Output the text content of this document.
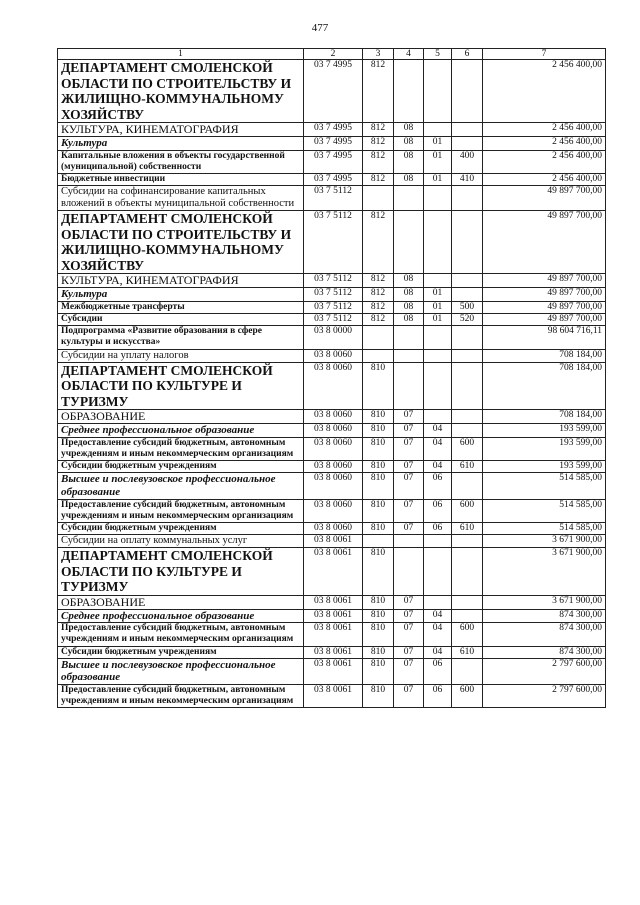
477
1	2	3	4	5	6	7
ДЕПАРТАМЕНТ СМОЛЕНСКОЙ ОБЛАСТИ ПО СТРОИТЕЛЬСТВУ И ЖИЛИЩНО-КОММУНАЛЬНОМУ ХОЗЯЙСТВУ	03 7 4995	812				2 456 400,00
КУЛЬТУРА, КИНЕМАТОГРАФИЯ	03 7 4995	812	08			2 456 400,00
Культура	03 7 4995	812	08	01		2 456 400,00
Капитальные вложения в объекты государственной (муниципальной) собственности	03 7 4995	812	08	01	400	2 456 400,00
Бюджетные инвестиции	03 7 4995	812	08	01	410	2 456 400,00
Субсидии на софинансирование капитальных вложений в объекты муниципальной собственности	03 7 5112					49 897 700,00
ДЕПАРТАМЕНТ СМОЛЕНСКОЙ ОБЛАСТИ ПО СТРОИТЕЛЬСТВУ И ЖИЛИЩНО-КОММУНАЛЬНОМУ ХОЗЯЙСТВУ	03 7 5112	812				49 897 700,00
КУЛЬТУРА, КИНЕМАТОГРАФИЯ	03 7 5112	812	08			49 897 700,00
Культура	03 7 5112	812	08	01		49 897 700,00
Межбюджетные трансферты	03 7 5112	812	08	01	500	49 897 700,00
Субсидии	03 7 5112	812	08	01	520	49 897 700,00
Подпрограмма «Развитие образования в сфере культуры и искусства»	03 8 0000					98 604 716,11
Субсидии на уплату налогов	03 8 0060					708 184,00
ДЕПАРТАМЕНТ СМОЛЕНСКОЙ ОБЛАСТИ ПО КУЛЬТУРЕ И ТУРИЗМУ	03 8 0060	810				708 184,00
ОБРАЗОВАНИЕ	03 8 0060	810	07			708 184,00
Среднее профессиональное образование	03 8 0060	810	07	04		193 599,00
Предоставление субсидий бюджетным, автономным учреждениям и иным некоммерческим организациям	03 8 0060	810	07	04	600	193 599,00
Субсидии бюджетным учреждениям	03 8 0060	810	07	04	610	193 599,00
Высшее и послевузовское профессиональное образование	03 8 0060	810	07	06		514 585,00
Предоставление субсидий бюджетным, автономным учреждениям и иным некоммерческим организациям	03 8 0060	810	07	06	600	514 585,00
Субсидии бюджетным учреждениям	03 8 0060	810	07	06	610	514 585,00
Субсидии на оплату коммунальных услуг	03 8 0061					3 671 900,00
ДЕПАРТАМЕНТ СМОЛЕНСКОЙ ОБЛАСТИ ПО КУЛЬТУРЕ И ТУРИЗМУ	03 8 0061	810				3 671 900,00
ОБРАЗОВАНИЕ	03 8 0061	810	07			3 671 900,00
Среднее профессиональное образование	03 8 0061	810	07	04		874 300,00
Предоставление субсидий бюджетным, автономным учреждениям и иным некоммерческим организациям	03 8 0061	810	07	04	600	874 300,00
Субсидии бюджетным учреждениям	03 8 0061	810	07	04	610	874 300,00
Высшее и послевузовское профессиональное образование	03 8 0061	810	07	06		2 797 600,00
Предоставление субсидий бюджетным, автономным учреждениям и иным некоммерческим организациям	03 8 0061	810	07	06	600	2 797 600,00
